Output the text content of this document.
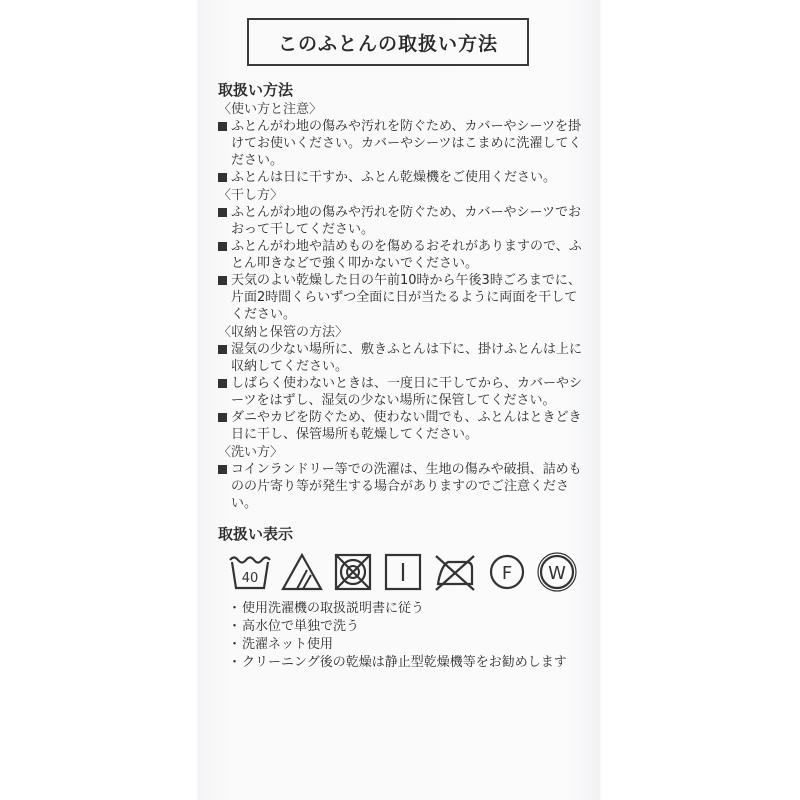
このふとんの取扱い方法

取扱い方法

〈使い方と注意〉

ふとんがわ地の傷みや汚れを防ぐため、カバーやシーツを掛けてお使いください。カバーやシーツはこまめに洗濯してください。
ふとんは日に干すか、ふとん乾燥機をご使用ください。

〈干し方〉

ふとんがわ地の傷みや汚れを防ぐため、カバーやシーツでおおって干してください。
ふとんがわ地や詰めものを傷めるおそれがありますので、ふとん叩きなどで強く叩かないでください。
天気のよい乾燥した日の午前10時から午後3時ごろまでに、片面2時間くらいずつ全面に日が当たるように両面を干してください。

〈収納と保管の方法〉

湿気の少ない場所に、敷きふとんは下に、掛けふとんは上に収納してください。
しばらく使わないときは、一度日に干してから、カバーやシーツをはずし、湿気の少ない場所に保管してください。
ダニやカビを防ぐため、使わない間でも、ふとんはときどき日に干し、保管場所も乾燥してください。

〈洗い方〉

コインランドリー等での洗濯は、生地の傷みや破損、詰めものの片寄り等が発生する場合がありますのでご注意ください。

取扱い表示

40	F W
・ 使用洗濯機の取扱説明書に従う
・ 高水位で単独で洗う
・ 洗濯ネット使用
・ クリーニング後の乾燥は静止型乾燥機等をお勧めします
